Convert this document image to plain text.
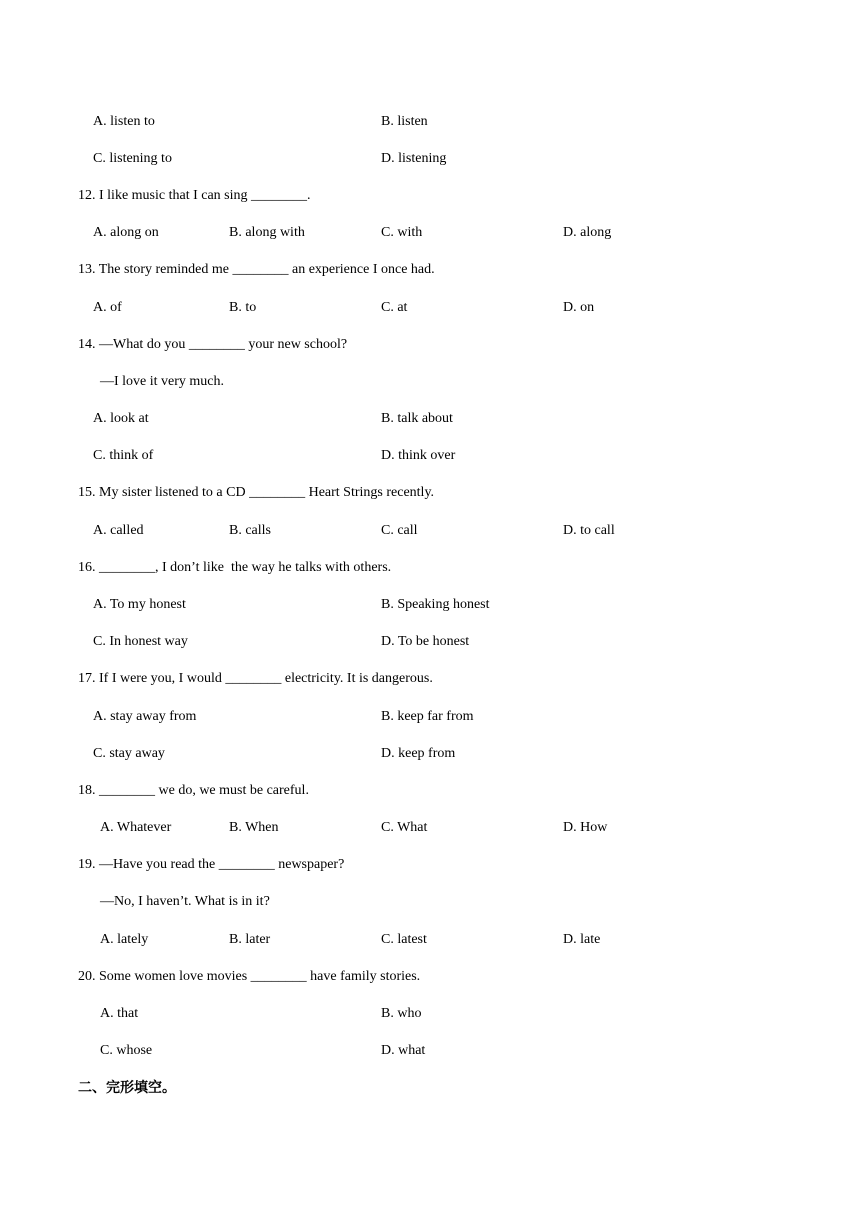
A. listen to	B. listen
C. listening to	D. listening
12. I like music that I can sing ________.
A. along on	B. along with	C. with	D. along
13. The story reminded me ________ an experience I once had.
A. of	B. to	C. at	D. on
14. —What do you ________ your new school?
—I love it very much.
A. look at	B. talk about
C. think of	D. think over
15. My sister listened to a CD ________ Heart Strings recently.
A. called	B. calls	C. call	D. to call
16. ________, I don’t like  the way he talks with others.
A. To my honest	B. Speaking honest
C. In honest way	D. To be honest
17. If I were you, I would ________ electricity. It is dangerous.
A. stay away from	B. keep far from
C. stay away	D. keep from
18. ________ we do, we must be careful.
A. Whatever	B. When	C. What	D. How
19. —Have you read the ________ newspaper?
—No, I haven’t. What is in it?
A. lately	B. later	C. latest	D. late
20. Some women love movies ________ have family stories.
A. that	B. who
C. whose	D. what
二、完形填空。
